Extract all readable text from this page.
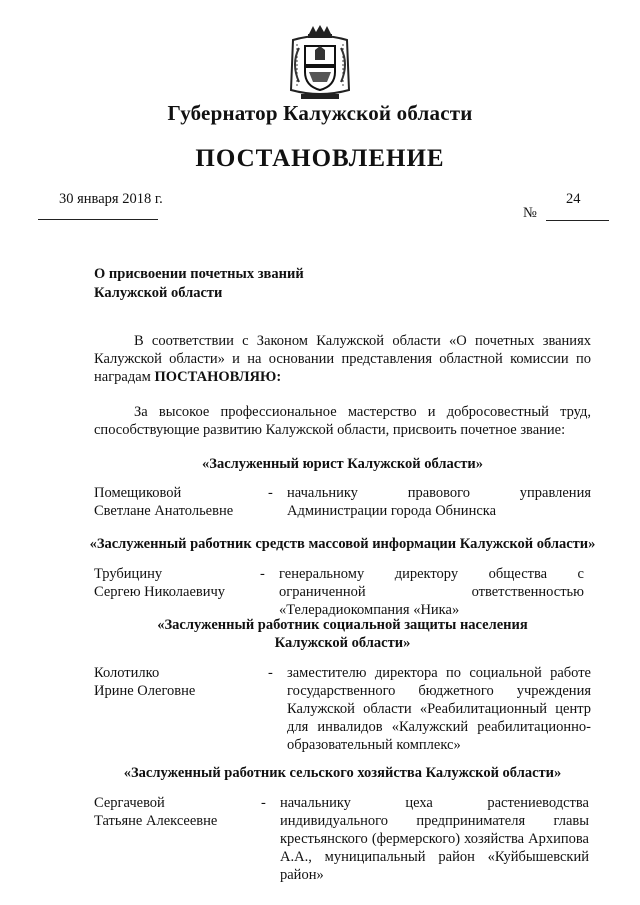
Губернатор Калужской области
ПОСТАНОВЛЕНИЕ
30 января 2018 г.	24
№
О присвоении почетных званий
Калужской области
В соответствии с Законом Калужской области «О почетных званиях Калужской области» и на основании представления областной комиссии по наградам ПОСТАНОВЛЯЮ:
За высокое профессиональное мастерство и добросовестный труд, способствующие развитию Калужской области, присвоить почетное звание:
«Заслуженный юрист Калужской области»
Помещиковой
Светлане Анатольевне
- начальнику правового управления Администрации города Обнинска
«Заслуженный работник средств массовой информации Калужской области»
Трубицину
Сергею Николаевичу
- генеральному директору общества с ограниченной ответственностью «Телерадиокомпания «Ника»
«Заслуженный работник социальной защиты населения
Калужской области»
Колотилко
Ирине Олеговне
- заместителю директора по социальной работе государственного бюджетного учреждения Калужской области «Реабилитационный центр для инвалидов «Калужский реабилитационно-образовательный комплекс»
«Заслуженный работник сельского хозяйства Калужской области»
Сергачевой
Татьяне Алексеевне
- начальнику цеха растениеводства индивидуального предпринимателя главы крестьянского (фермерского) хозяйства Архипова А.А., муниципальный район «Куйбышевский район»
